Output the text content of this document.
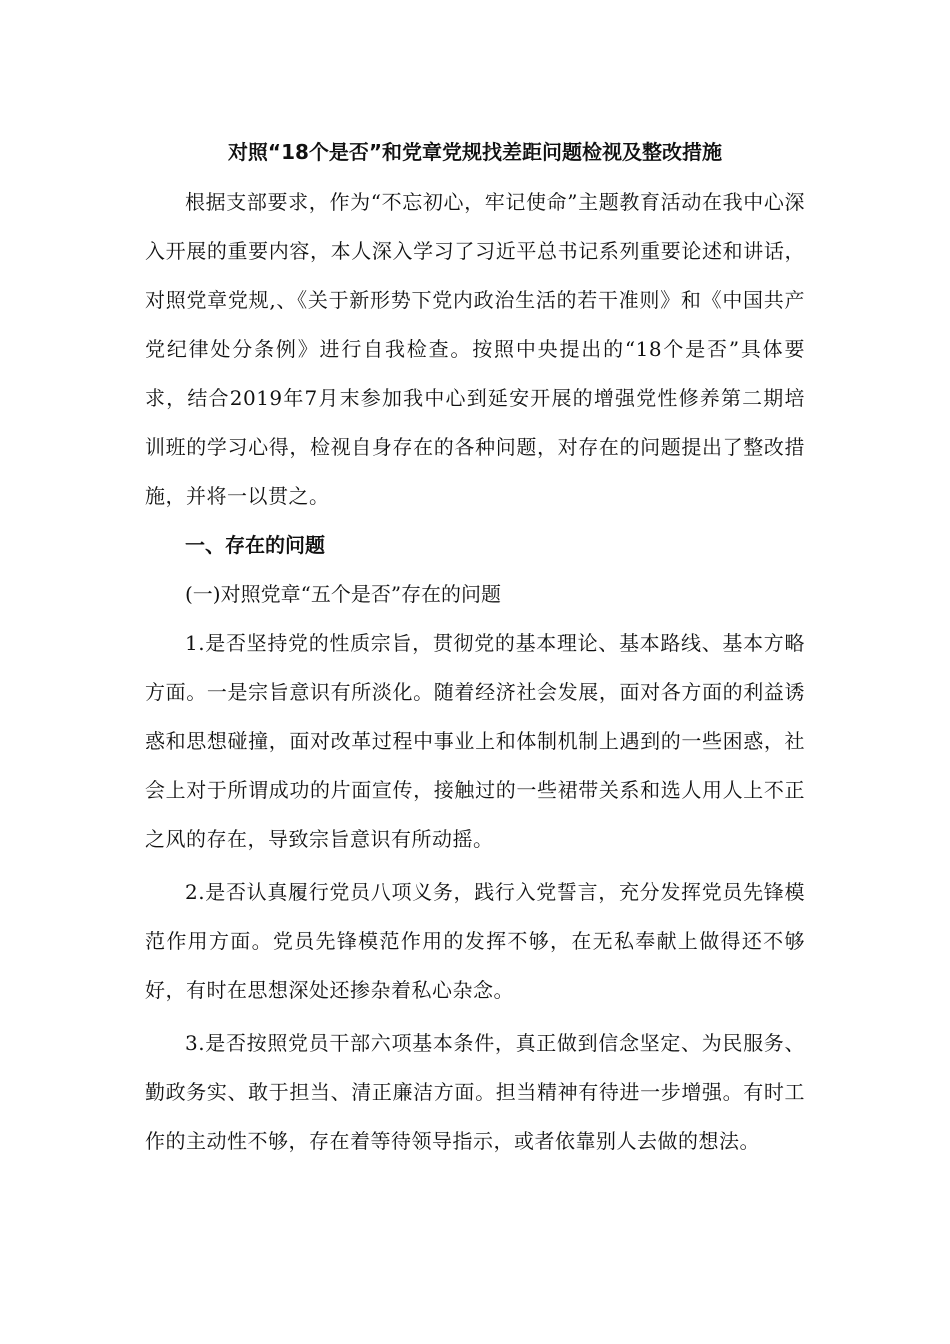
对照“18个是否”和党章党规找差距问题检视及整改措施

根据支部要求，作为“不忘初心，牢记使命”主题教育活动在我中心深入开展的重要内容，本人深入学习了习近平总书记系列重要论述和讲话，对照党章党规,、《关于新形势下党内政治生活的若干准则》和《中国共产党纪律处分条例》进行自我检查。按照中央提出的“18个是否”具体要求，结合2019年7月末参加我中心到延安开展的增强党性修养第二期培训班的学习心得，检视自身存在的各种问题，对存在的问题提出了整改措施，并将一以贯之。

一、存在的问题

(一)对照党章“五个是否”存在的问题

1.是否坚持党的性质宗旨，贯彻党的基本理论、基本路线、基本方略方面。一是宗旨意识有所淡化。随着经济社会发展，面对各方面的利益诱惑和思想碰撞，面对改革过程中事业上和体制机制上遇到的一些困惑，社会上对于所谓成功的片面宣传，接触过的一些裙带关系和选人用人上不正之风的存在，导致宗旨意识有所动摇。

2.是否认真履行党员八项义务，践行入党誓言，充分发挥党员先锋模范作用方面。党员先锋模范作用的发挥不够，在无私奉献上做得还不够好，有时在思想深处还掺杂着私心杂念。

3.是否按照党员干部六项基本条件，真正做到信念坚定、为民服务、勤政务实、敢于担当、清正廉洁方面。担当精神有待进一步增强。有时工作的主动性不够，存在着等待领导指示，或者依靠别人去做的想法。
